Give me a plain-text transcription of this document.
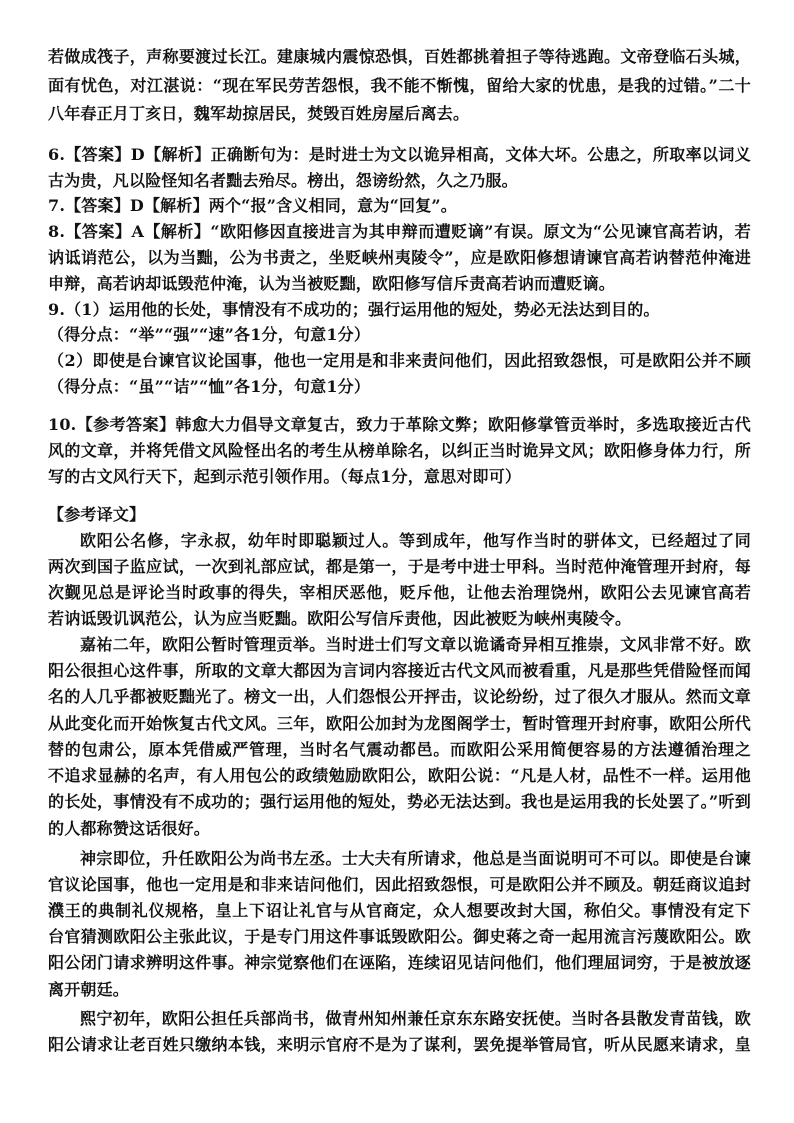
若做成筏子，声称要渡过长江。建康城内震惊恐惧，百姓都挑着担子等待逃跑。文帝登临石头城，
面有忧色，对江湛说：“现在军民劳苦怨恨，我不能不惭愧，留给大家的忧患，是我的过错。”二十
八年春正月丁亥日，魏军劫掠居民，焚毁百姓房屋后离去。
6.【答案】D【解析】正确断句为：是时进士为文以诡异相高，文体大坏。公患之，所取率以词义
古为贵，凡以险怪知名者黜去殆尽。榜出，怨谤纷然，久之乃服。
7.【答案】D【解析】两个“报”含义相同，意为“回复”。
8.【答案】A【解析】“欧阳修因直接进言为其申辩而遭贬谪”有误。原文为“公见谏官高若讷，若
讷诋诮范公，以为当黜，公为书责之，坐贬峡州夷陵令”，应是欧阳修想请谏官高若讷替范仲淹进
申辩，高若讷却诋毁范仲淹，认为当被贬黜，欧阳修写信斥责高若讷而遭贬谪。
9.（1）运用他的长处，事情没有不成功的；强行运用他的短处，势必无法达到目的。
（得分点：“举”“强”“速”各1分，句意1分）
（2）即使是台谏官议论国事，他也一定用是和非来责问他们，因此招致怨恨，可是欧阳公并不顾
（得分点：“虽”“诘”“恤”各1分，句意1分）
10.【参考答案】韩愈大力倡导文章复古，致力于革除文弊；欧阳修掌管贡举时，多选取接近古代
风的文章，并将凭借文风险怪出名的考生从榜单除名，以纠正当时诡异文风；欧阳修身体力行，所
写的古文风行天下，起到示范引领作用。（每点1分，意思对即可）
【参考译文】
欧阳公名修，字永叔，幼年时即聪颖过人。等到成年，他写作当时的骈体文，已经超过了同
两次到国子监应试，一次到礼部应试，都是第一，于是考中进士甲科。当时范仲淹管理开封府，每
次觐见总是评论当时政事的得失，宰相厌恶他，贬斥他，让他去治理饶州，欧阳公去见谏官高若
若讷诋毁讥讽范公，认为应当贬黜。欧阳公写信斥责他，因此被贬为峡州夷陵令。
嘉祐二年，欧阳公暂时管理贡举。当时进士们写文章以诡谲奇异相互推崇，文风非常不好。欧
阳公很担心这件事，所取的文章大都因为言词内容接近古代文风而被看重，凡是那些凭借险怪而闻
名的人几乎都被贬黜光了。榜文一出，人们怨恨公开抨击，议论纷纷，过了很久才服从。然而文章
从此变化而开始恢复古代文风。三年，欧阳公加封为龙图阁学士，暂时管理开封府事，欧阳公所代
替的包肃公，原本凭借威严管理，当时名气震动都邑。而欧阳公采用简便容易的方法遵循治理之
不追求显赫的名声，有人用包公的政绩勉励欧阳公，欧阳公说：“凡是人材，品性不一样。运用他
的长处，事情没有不成功的；强行运用他的短处，势必无法达到。我也是运用我的长处罢了。”听到
的人都称赞这话很好。
神宗即位，升任欧阳公为尚书左丞。士大夫有所请求，他总是当面说明可不可以。即使是台谏
官议论国事，他也一定用是和非来诘问他们，因此招致怨恨，可是欧阳公并不顾及。朝廷商议追封
濮王的典制礼仪规格，皇上下诏让礼官与从官商定，众人想要改封大国，称伯父。事情没有定下
台官猜测欧阳公主张此议，于是专门用这件事诋毁欧阳公。御史蒋之奇一起用流言污蔑欧阳公。欧
阳公闭门请求辨明这件事。神宗觉察他们在诬陷，连续诏见诘问他们，他们理屈词穷，于是被放逐
离开朝廷。
熙宁初年，欧阳公担任兵部尚书，做青州知州兼任京东东路安抚使。当时各县散发青苗钱，欧
阳公请求让老百姓只缴纳本钱，来明示官府不是为了谋利，罢免提举管局官，听从民愿来请求，皇
